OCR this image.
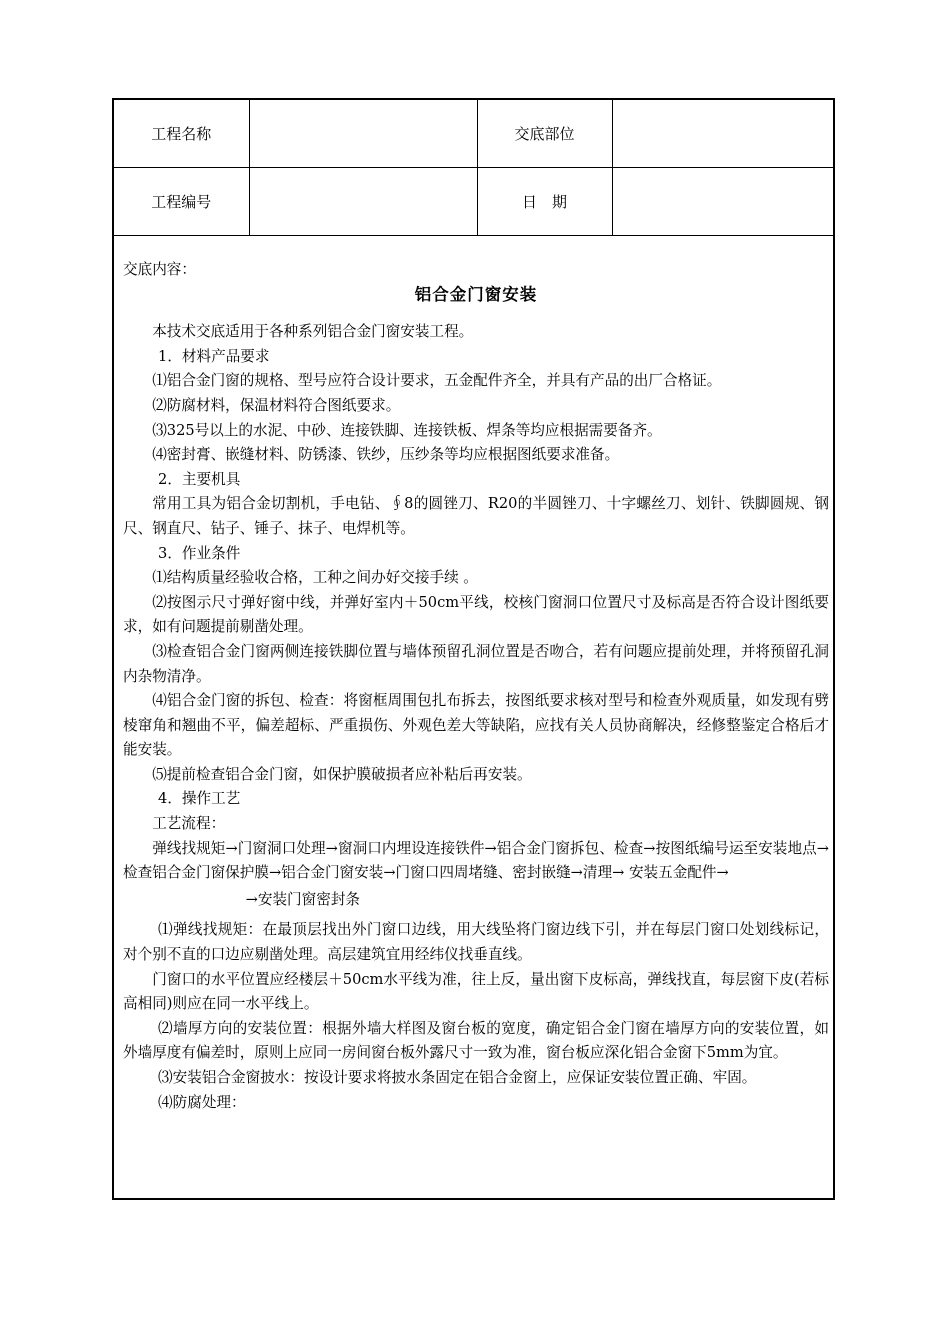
工程名称		交底部位	
工程编号		日　期	

交底内容：

铝合金门窗安装

本技术交底适用于各种系列铝合金门窗安装工程。

1．材料产品要求

⑴铝合金门窗的规格、型号应符合设计要求，五金配件齐全，并具有产品的出厂合格证。

⑵防腐材料，保温材料符合图纸要求。

⑶325号以上的水泥、中砂、连接铁脚、连接铁板、焊条等均应根据需要备齐。

⑷密封膏、嵌缝材料、防锈漆、铁纱，压纱条等均应根据图纸要求准备。

2．主要机具

常用工具为铝合金切割机，手电钻、∮8的圆锉刀、R20的半圆锉刀、十字螺丝刀、划针、铁脚圆规、钢尺、钢直尺、钻子、锤子、抹子、电焊机等。

3．作业条件

⑴结构质量经验收合格，工种之间办好交接手续 。

⑵按图示尺寸弹好窗中线，并弹好室内＋50cm平线，校核门窗洞口位置尺寸及标高是否符合设计图纸要求，如有问题提前剔凿处理。

⑶检查铝合金门窗两侧连接铁脚位置与墙体预留孔洞位置是否吻合，若有问题应提前处理，并将预留孔洞内杂物清净。

⑷铝合金门窗的拆包、检查：将窗框周围包扎布拆去，按图纸要求核对型号和检查外观质量，如发现有劈棱窜角和翘曲不平，偏差超标、严重损伤、外观色差大等缺陷，应找有关人员协商解决，经修整鉴定合格后才能安装。

⑸提前检查铝合金门窗，如保护膜破损者应补粘后再安装。

4．操作工艺

工艺流程：

弹线找规矩→门窗洞口处理→窗洞口内埋设连接铁件→铝合金门窗拆包、检查→按图纸编号运至安装地点→检查铝合金门窗保护膜→铝合金门窗安装→门窗口四周堵缝、密封嵌缝→清理→ 安装五金配件→

→安装门窗密封条

⑴弹线找规矩：在最顶层找出外门窗口边线，用大线坠将门窗边线下引，并在每层门窗口处划线标记，对个别不直的口边应剔凿处理。高层建筑宜用经纬仪找垂直线。

门窗口的水平位置应经楼层＋50cm水平线为准，往上反，量出窗下皮标高，弹线找直，每层窗下皮(若标高相同)则应在同一水平线上。

⑵墙厚方向的安装位置：根据外墙大样图及窗台板的宽度，确定铝合金门窗在墙厚方向的安装位置，如外墙厚度有偏差时，原则上应同一房间窗台板外露尺寸一致为准，窗台板应深化铝合金窗下5mm为宜。

⑶安装铝合金窗披水：按设计要求将披水条固定在铝合金窗上，应保证安装位置正确、牢固。

⑷防腐处理：
